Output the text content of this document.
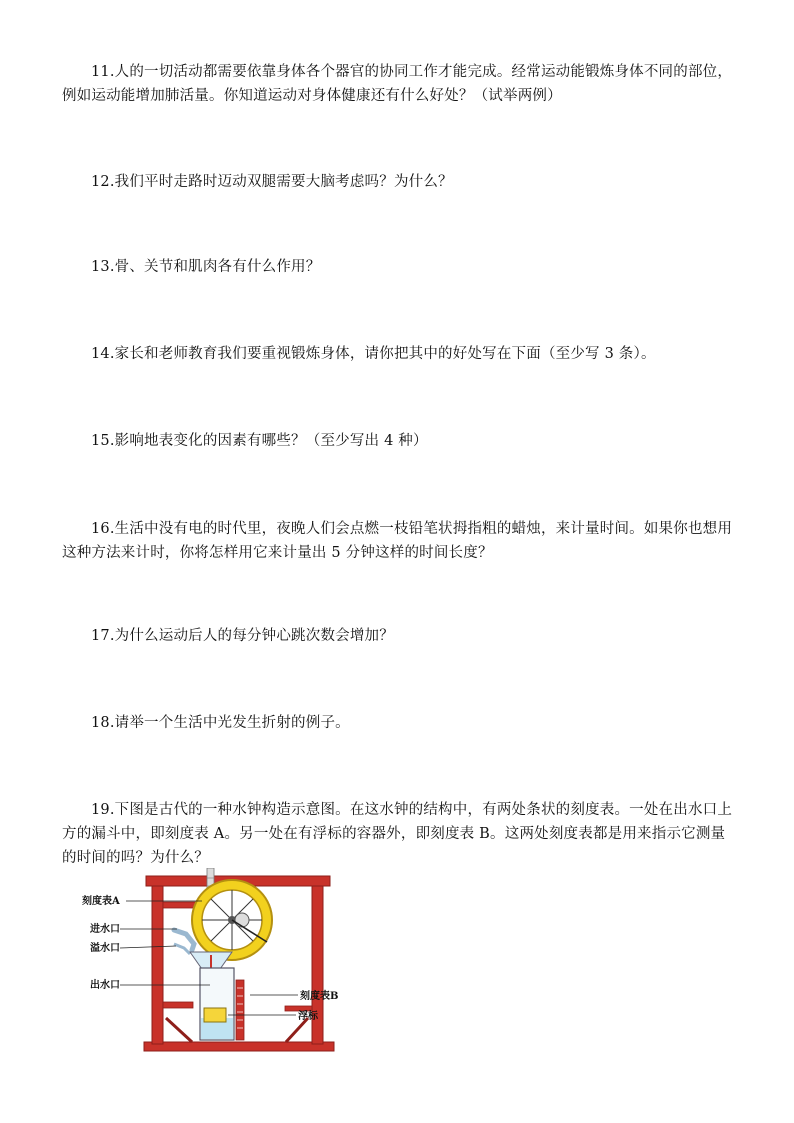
11.人的一切活动都需要依靠身体各个器官的协同工作才能完成。经常运动能锻炼身体不同的部位，例如运动能增加肺活量。你知道运动对身体健康还有什么好处？（试举两例）

12.我们平时走路时迈动双腿需要大脑考虑吗？为什么？

13.骨、关节和肌肉各有什么作用？

14.家长和老师教育我们要重视锻炼身体，请你把其中的好处写在下面（至少写 3 条）。

15.影响地表变化的因素有哪些？（至少写出 4 种）

16.生活中没有电的时代里，夜晚人们会点燃一枝铅笔状拇指粗的蜡烛，来计量时间。如果你也想用这种方法来计时，你将怎样用它来计量出 5 分钟这样的时间长度？

17.为什么运动后人的每分钟心跳次数会增加？

18.请举一个生活中光发生折射的例子。

19.下图是古代的一种水钟构造示意图。在这水钟的结构中，有两处条状的刻度表。一处在出水口上方的漏斗中，即刻度表 A。另一处在有浮标的容器外，即刻度表 B。这两处刻度表都是用来指示它测量的时间的吗？为什么？

刻度表A
进水口
溢水口
出水口
刻度表B
浮标
